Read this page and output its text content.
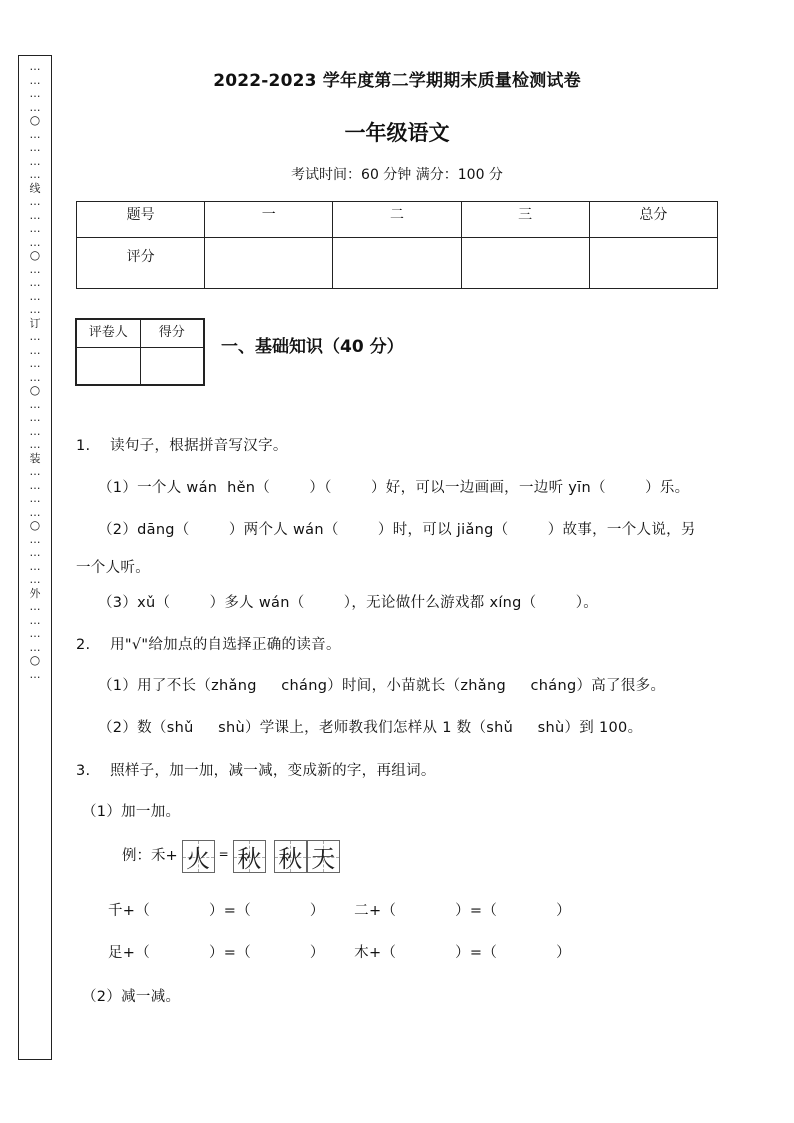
…
…
…
…
○
…
…
…
…
线
…
…
…
…
○
…
…
…
…
订
…
…
…
…
○
…
…
…
…
装
…
…
…
…
○
…
…
…
…
外
…
…
…
…
○
…
2022-2023 学年度第二学期期末质量检测试卷
一年级语文
考试时间：60 分钟 满分：100 分
题号	一	二	三	总分
评分				
评卷人	得分

一、基础知识（40 分）
1.    读句子，根据拼音写汉字。
（1）一个人 wán  hěn（        ）（        ）好，可以一边画画，一边听 yīn（        ）乐。
（2）dāng（        ）两个人 wán（        ）时，可以 jiǎng（        ）故事，一个人说，另
一个人听。
（3）xǔ（        ）多人 wán（        ），无论做什么游戏都 xíng（        ）。
2.    用"√"给加点的自选择正确的读音。
（1）用了不长（zhǎng     cháng）时间，小苗就长（zhǎng     cháng）高了很多。
（2）数（shǔ     shù）学课上，老师教我们怎样从 1 数（shǔ     shù）到 100。
3.    照样子，加一加，减一减，变成新的字，再组词。
（1）加一加。
例：禾+ 火 = 秋 秋 天
千+（            ）=（            ）      二+（            ）=（            ）
足+（            ）=（            ）      木+（            ）=（            ）
（2）减一减。
